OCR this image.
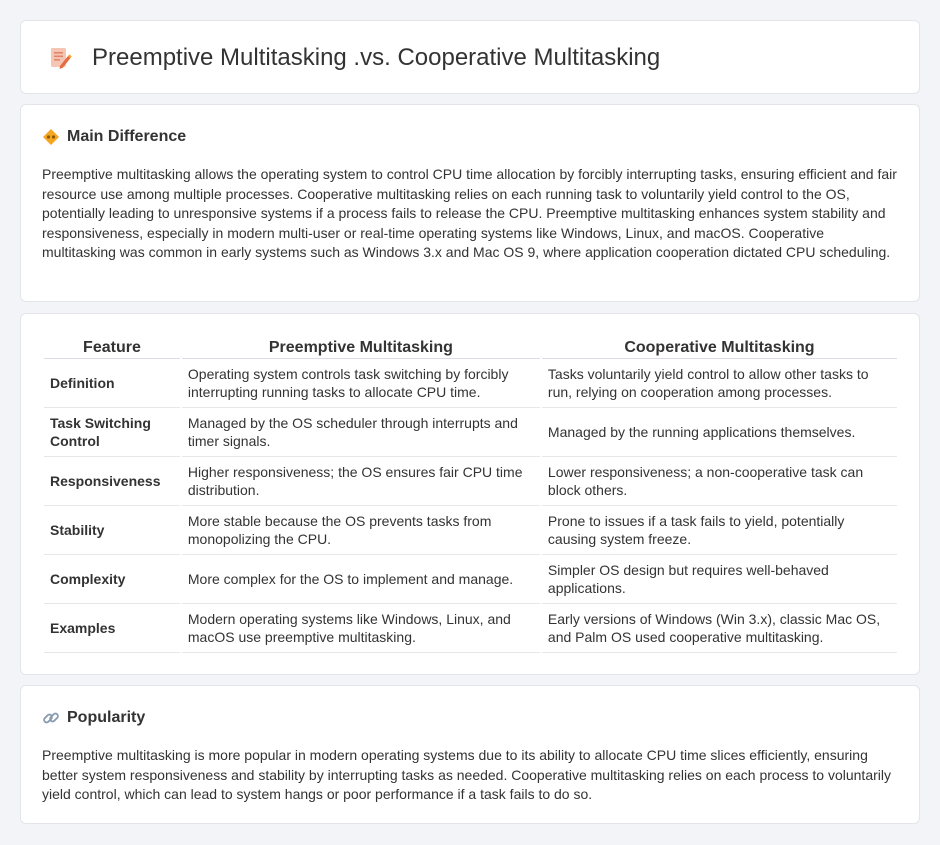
Preemptive Multitasking .vs. Cooperative Multitasking
Main Difference

Preemptive multitasking allows the operating system to control CPU time allocation by forcibly interrupting tasks, ensuring efficient and fair resource use among multiple processes. Cooperative multitasking relies on each running task to voluntarily yield control to the OS, potentially leading to unresponsive systems if a process fails to release the CPU. Preemptive multitasking enhances system stability and responsiveness, especially in modern multi-user or real-time operating systems like Windows, Linux, and macOS. Cooperative multitasking was common in early systems such as Windows 3.x and Mac OS 9, where application cooperation dictated CPU scheduling.

Feature	Preemptive Multitasking	Cooperative Multitasking
Definition	Operating system controls task switching by forcibly interrupting running tasks to allocate CPU time.	Tasks voluntarily yield control to allow other tasks to run, relying on cooperation among processes.
Task Switching Control	Managed by the OS scheduler through interrupts and timer signals.	Managed by the running applications themselves.
Responsiveness	Higher responsiveness; the OS ensures fair CPU time distribution.	Lower responsiveness; a non-cooperative task can block others.
Stability	More stable because the OS prevents tasks from monopolizing the CPU.	Prone to issues if a task fails to yield, potentially causing system freeze.
Complexity	More complex for the OS to implement and manage.	Simpler OS design but requires well-behaved applications.
Examples	Modern operating systems like Windows, Linux, and macOS use preemptive multitasking.	Early versions of Windows (Win 3.x), classic Mac OS, and Palm OS used cooperative multitasking.
Popularity

Preemptive multitasking is more popular in modern operating systems due to its ability to allocate CPU time slices efficiently, ensuring better system responsiveness and stability by interrupting tasks as needed. Cooperative multitasking relies on each process to voluntarily yield control, which can lead to system hangs or poor performance if a task fails to do so.
